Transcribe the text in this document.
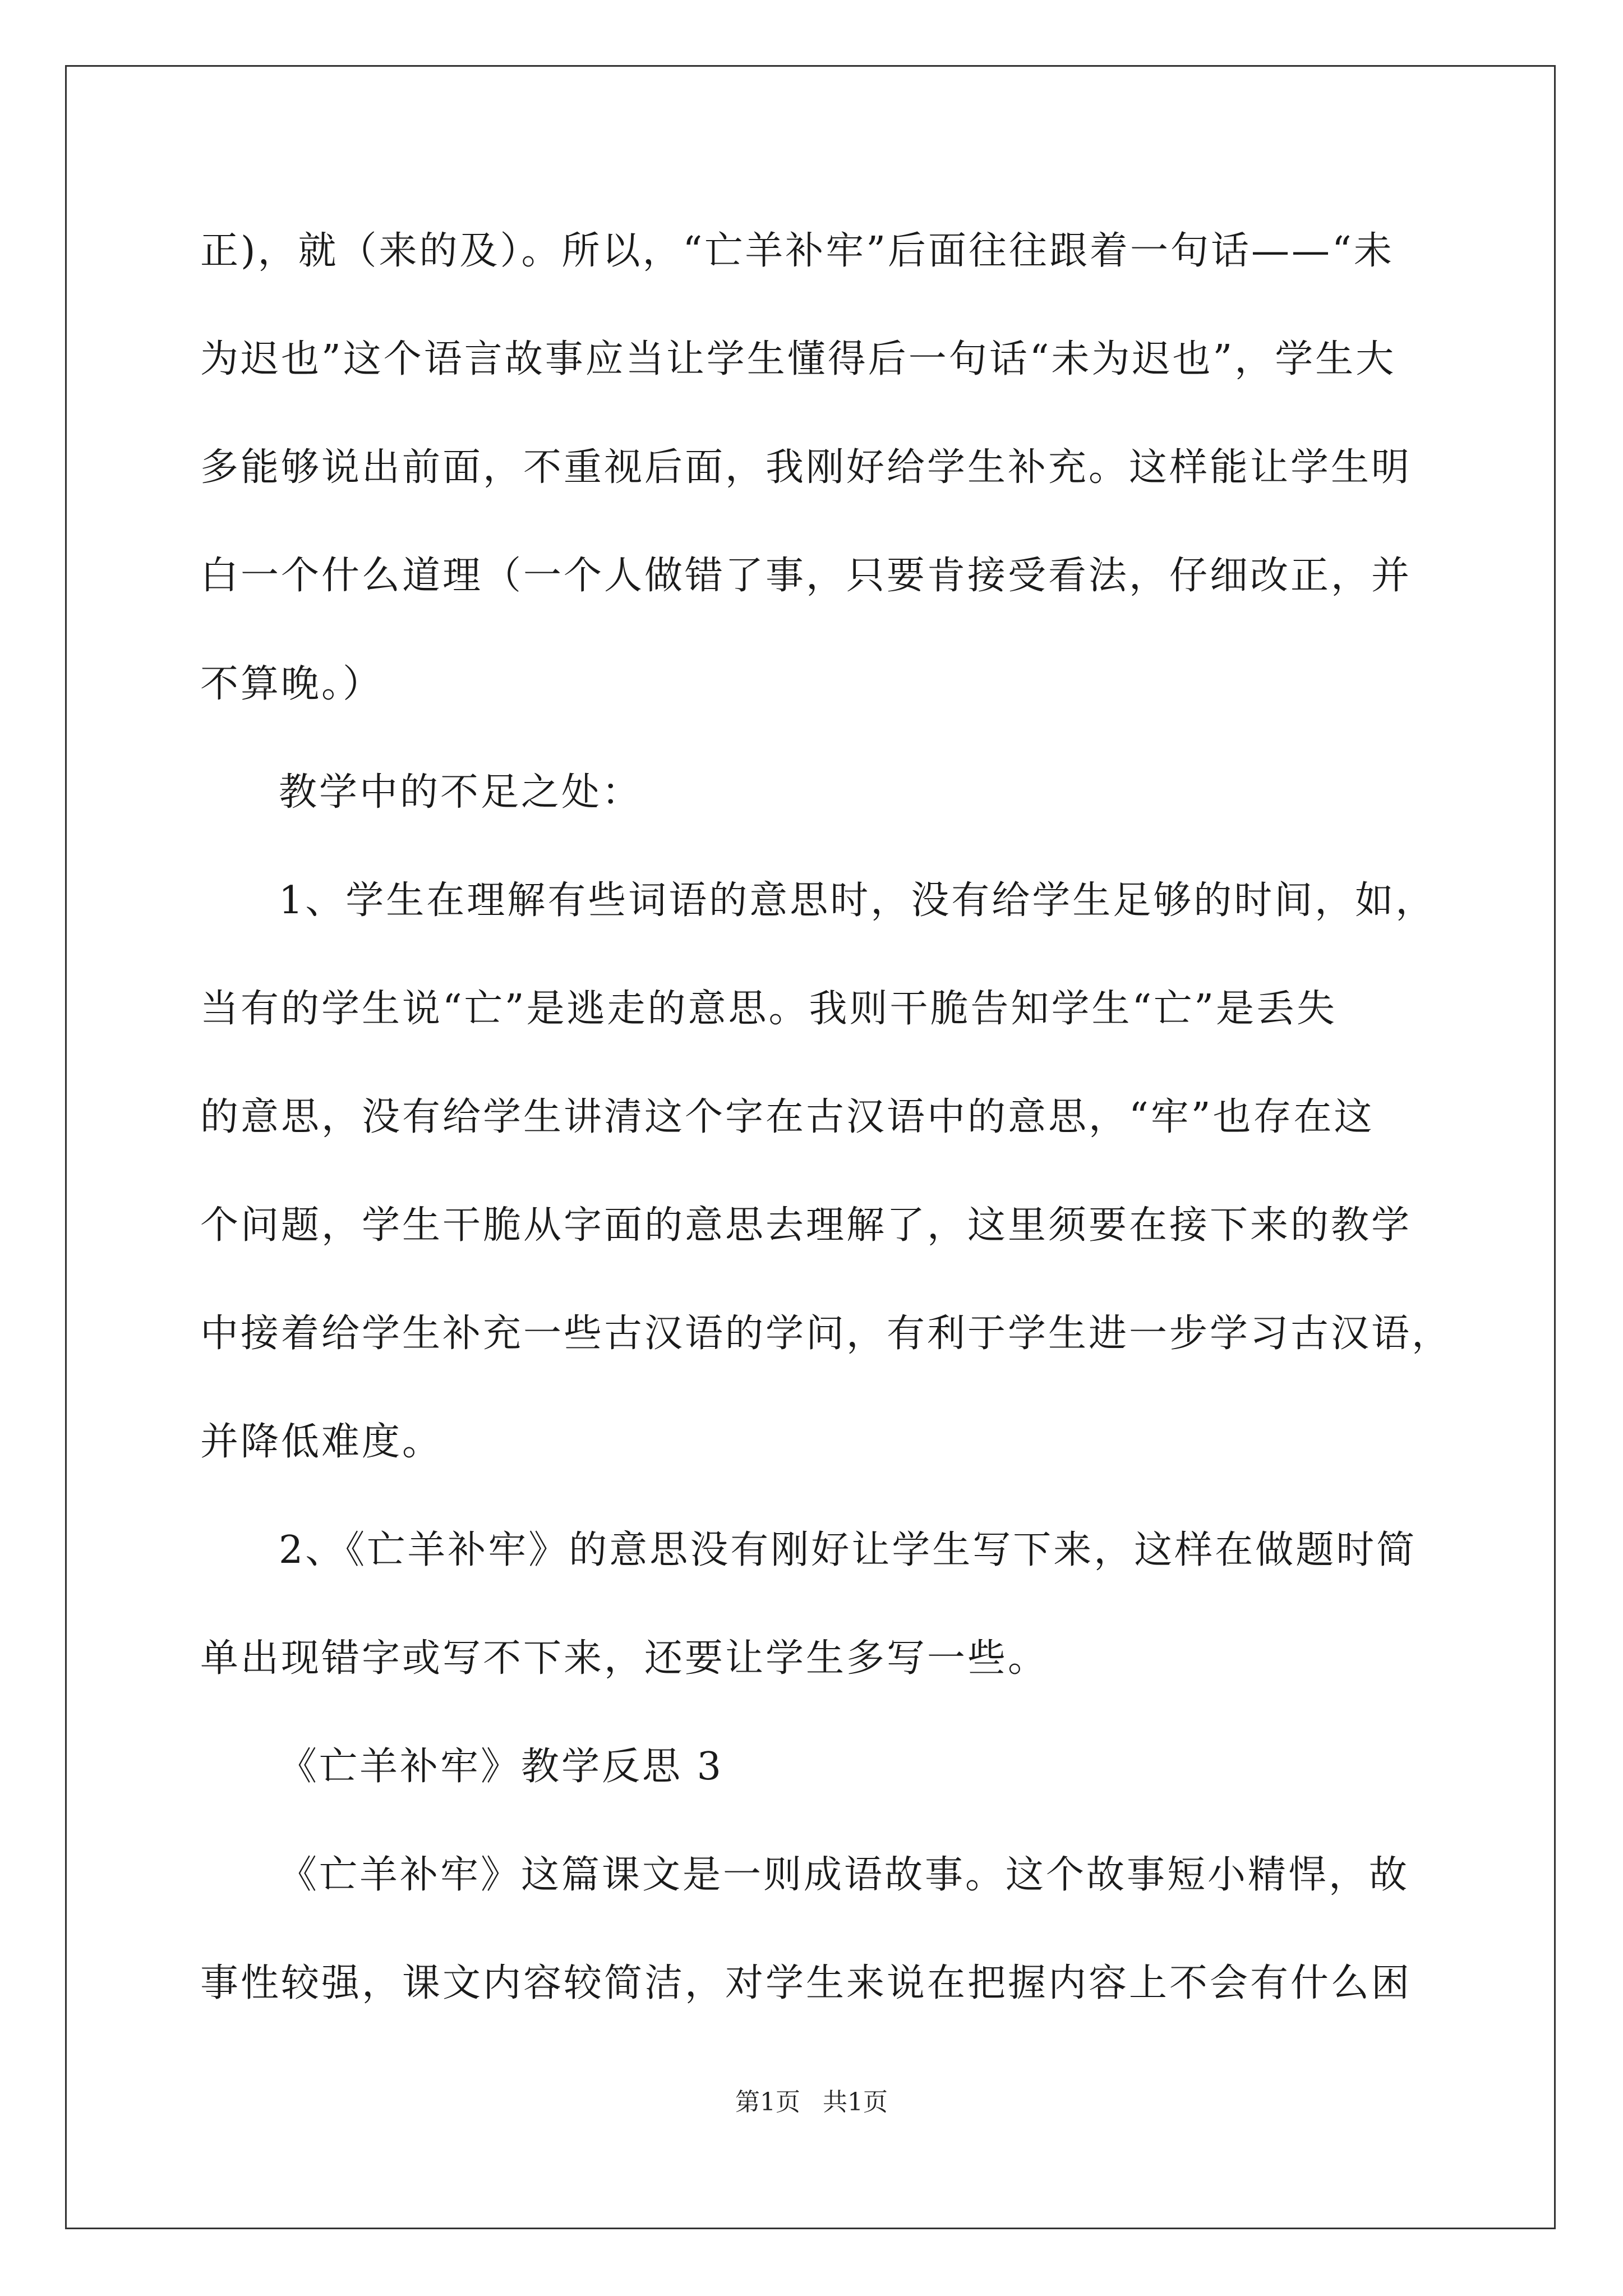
正)，就（来的及）。所以，“亡羊补牢”后面往往跟着一句话——“未
为迟也”这个语言故事应当让学生懂得后一句话“未为迟也”，学生大
多能够说出前面，不重视后面，我刚好给学生补充。这样能让学生明
白一个什么道理（一个人做错了事，只要肯接受看法，仔细改正，并
不算晚。）
教学中的不足之处：
1、学生在理解有些词语的意思时，没有给学生足够的时间，如，
当有的学生说“亡”是逃走的意思。我则干脆告知学生“亡”是丢失
的意思，没有给学生讲清这个字在古汉语中的意思，“牢”也存在这
个问题，学生干脆从字面的意思去理解了，这里须要在接下来的教学
中接着给学生补充一些古汉语的学问，有利于学生进一步学习古汉语，
并降低难度。
2、《亡羊补牢》的意思没有刚好让学生写下来，这样在做题时简
单出现错字或写不下来，还要让学生多写一些。
《亡羊补牢》教学反思 3
《亡羊补牢》这篇课文是一则成语故事。这个故事短小精悍，故
事性较强，课文内容较简洁，对学生来说在把握内容上不会有什么困
第1页 共1页
